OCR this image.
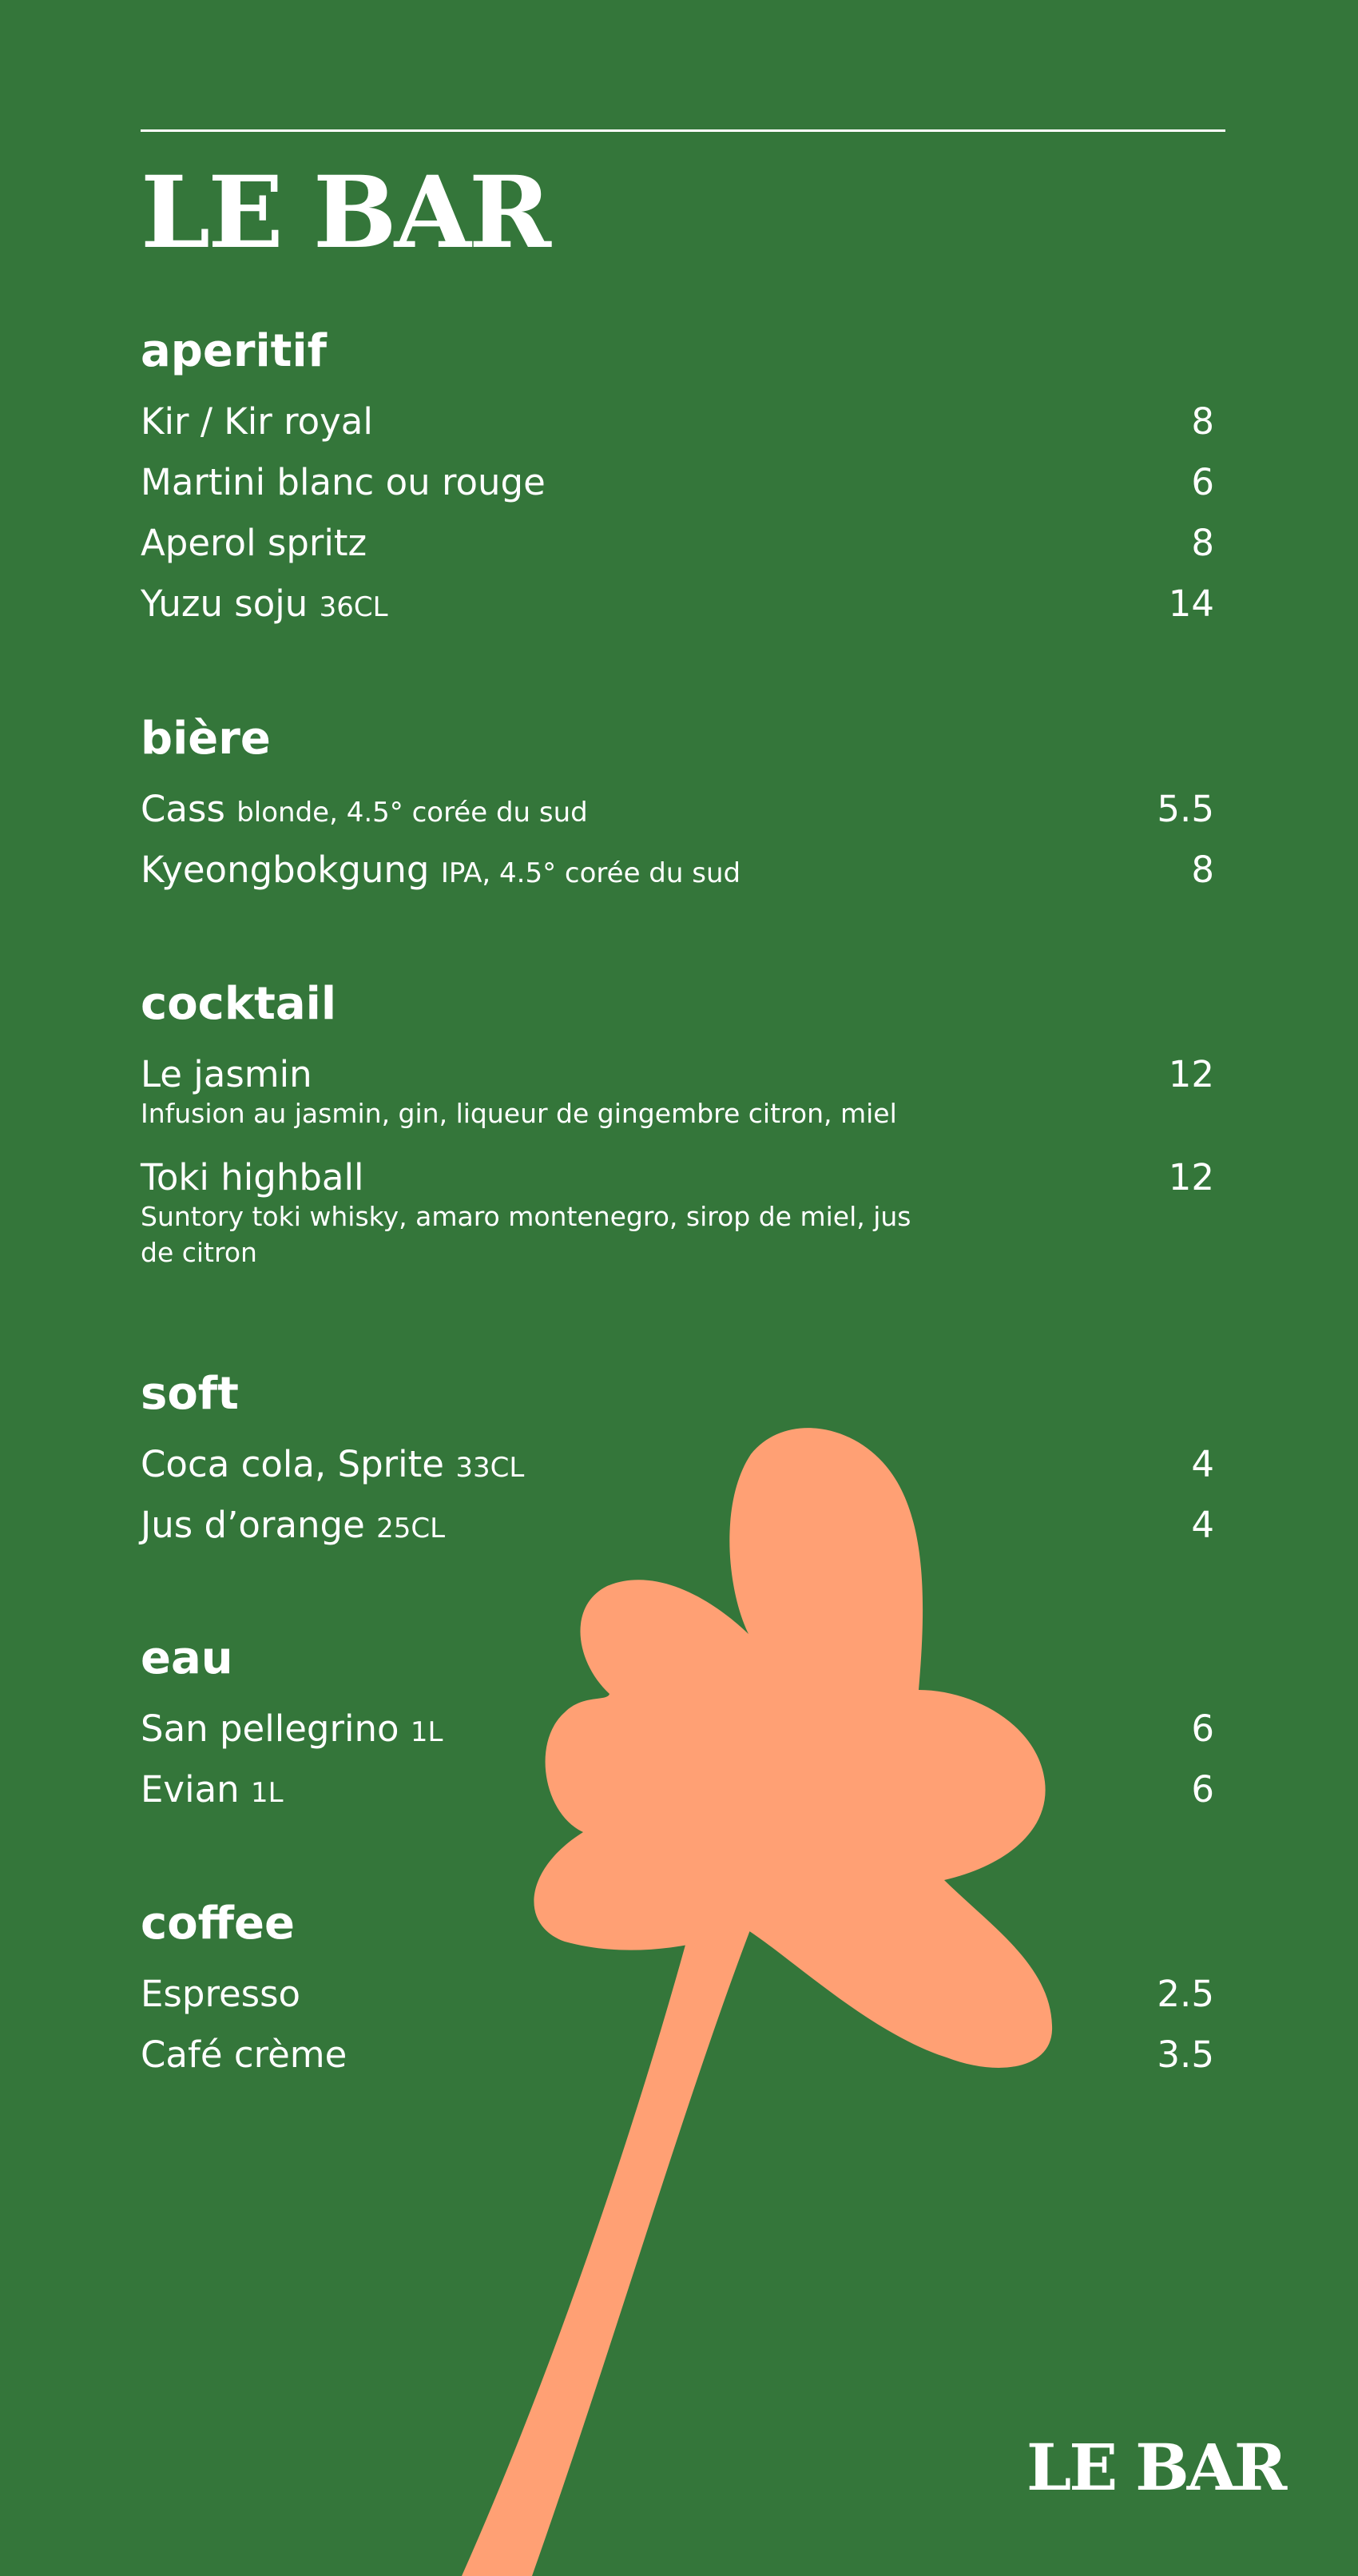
LE BAR
aperitif
Kir / Kir royal	8
Martini blanc ou rouge	6
Aperol spritz	8
Yuzu soju 36CL	14
bière
Cass blonde, 4.5° corée du sud	5.5
Kyeongbokgung IPA, 4.5° corée du sud	8
cocktail
Le jasmin	12
Infusion au jasmin, gin, liqueur de gingembre citron, miel
Toki highball	12
Suntory toki whisky, amaro montenegro, sirop de miel, jus de citron
soft
Coca cola, Sprite 33CL	4
Jus d’orange 25CL	4
eau
San pellegrino 1L	6
Evian 1L	6
coffee
Espresso	2.5
Café crème	3.5

LE BAR
